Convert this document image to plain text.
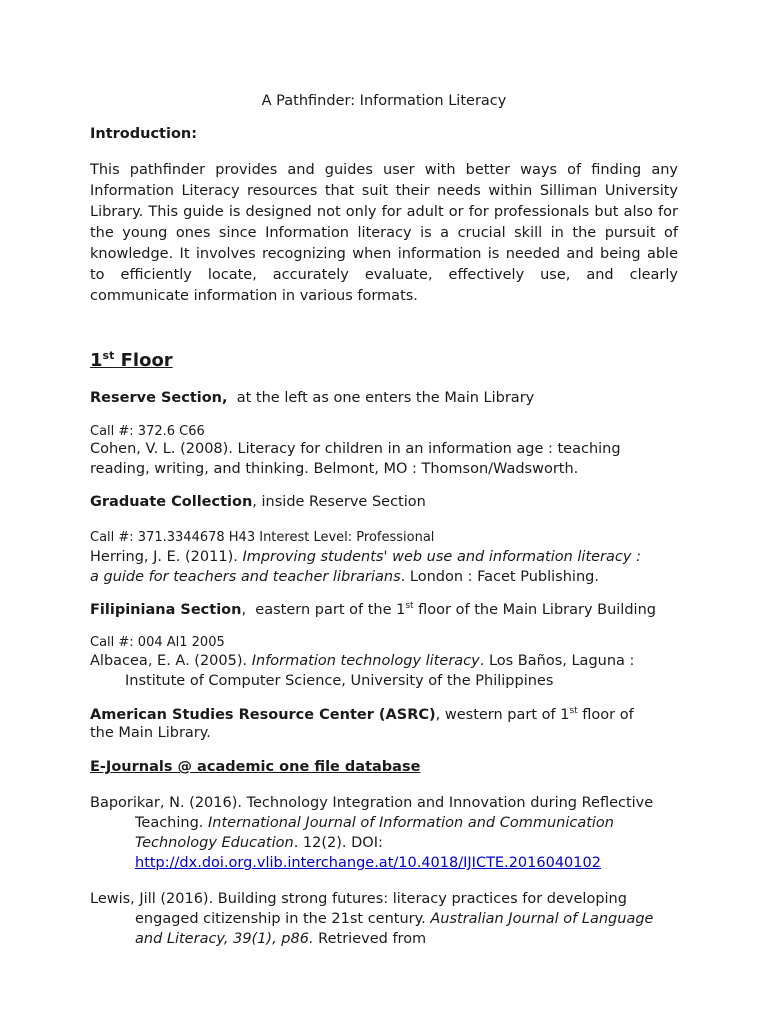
A Pathfinder: Information Literacy
Introduction:
This pathfinder provides and guides user with better ways of finding any Information Literacy resources that suit their needs within Silliman University Library. This guide is designed not only for adult or for professionals but also for the young ones since Information literacy is a crucial skill in the pursuit of knowledge. It involves recognizing when information is needed and being able to efficiently locate, accurately evaluate, effectively use, and clearly communicate information in various formats.
1st Floor
Reserve Section,  at the left as one enters the Main Library
Call #: 372.6 C66
Cohen, V. L. (2008). Literacy for children in an information age : teaching
reading, writing, and thinking. Belmont, MO : Thomson/Wadsworth.
Graduate Collection, inside Reserve Section
Call #: 371.3344678 H43 Interest Level: Professional
Herring, J. E. (2011). Improving students' web use and information literacy :
a guide for teachers and teacher librarians. London : Facet Publishing.
Filipiniana Section,  eastern part of the 1st floor of the Main Library Building
Call #: 004 Al1 2005
Albacea, E. A. (2005). Information technology literacy. Los Baños, Laguna :
Institute of Computer Science, University of the Philippines
American Studies Resource Center (ASRC), western part of 1st floor of
the Main Library.
E-Journals @ academic one file database
Baporikar, N. (2016). Technology Integration and Innovation during Reflective
Teaching. International Journal of Information and Communication
Technology Education. 12(2). DOI:
http://dx.doi.org.vlib.interchange.at/10.4018/IJICTE.2016040102
Lewis, Jill (2016). Building strong futures: literacy practices for developing
engaged citizenship in the 21st century. Australian Journal of Language
and Literacy, 39(1), p86. Retrieved from
